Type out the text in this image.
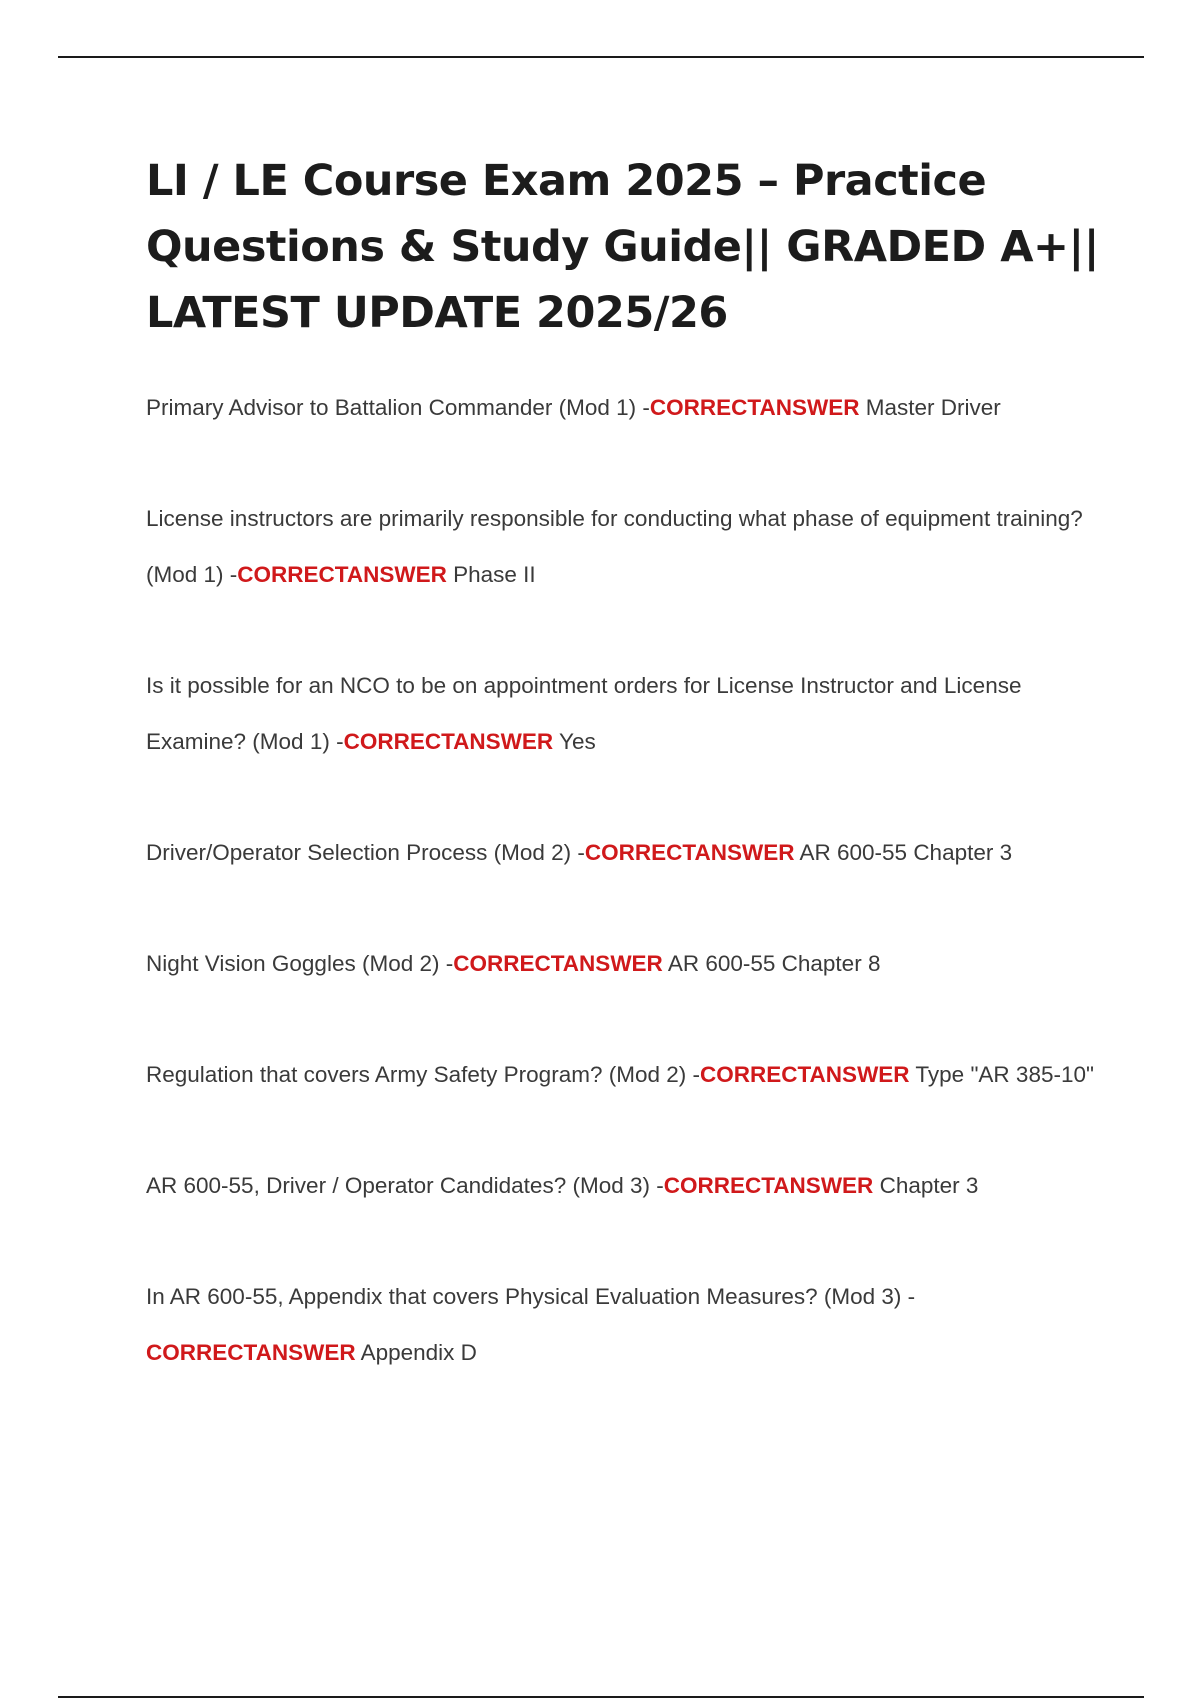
LI / LE Course Exam 2025 – Practice Questions & Study Guide|| GRADED A+|| LATEST UPDATE 2025/26
Primary Advisor to Battalion Commander (Mod 1) -CORRECTANSWER Master Driver
License instructors are primarily responsible for conducting what phase of equipment training? (Mod 1) -CORRECTANSWER Phase II
Is it possible for an NCO to be on appointment orders for License Instructor and License Examine? (Mod 1) -CORRECTANSWER Yes
Driver/Operator Selection Process (Mod 2) -CORRECTANSWER AR 600-55 Chapter 3
Night Vision Goggles (Mod 2) -CORRECTANSWER AR 600-55 Chapter 8
Regulation that covers Army Safety Program? (Mod 2) -CORRECTANSWER Type "AR 385-10"
AR 600-55, Driver / Operator Candidates? (Mod 3) -CORRECTANSWER Chapter 3
In AR 600-55, Appendix that covers Physical Evaluation Measures? (Mod 3) -CORRECTANSWER Appendix D
